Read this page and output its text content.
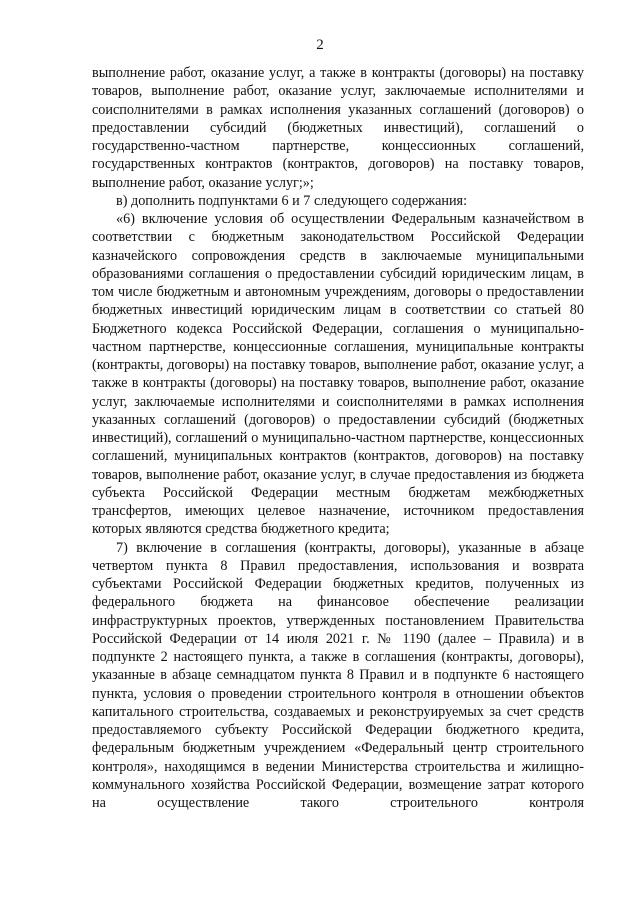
2

выполнение работ, оказание услуг, а также в контракты (договоры) на поставку товаров, выполнение работ, оказание услуг, заключаемые исполнителями и соисполнителями в рамках исполнения указанных соглашений (договоров) о предоставлении субсидий (бюджетных инвестиций), соглашений о государственно-частном партнерстве, концессионных соглашений, государственных контрактов (контрактов, договоров) на поставку товаров, выполнение работ, оказание услуг;»;

в) дополнить подпунктами 6 и 7 следующего содержания:

«6) включение условия об осуществлении Федеральным казначейством в соответствии с бюджетным законодательством Российской Федерации казначейского сопровождения средств в заключаемые муниципальными образованиями соглашения о предоставлении субсидий юридическим лицам, в том числе бюджетным и автономным учреждениям, договоры о предоставлении бюджетных инвестиций юридическим лицам в соответствии со статьей 80 Бюджетного кодекса Российской Федерации, соглашения о муниципально-частном партнерстве, концессионные соглашения, муниципальные контракты (контракты, договоры) на поставку товаров, выполнение работ, оказание услуг, а также в контракты (договоры) на поставку товаров, выполнение работ, оказание услуг, заключаемые исполнителями и соисполнителями в рамках исполнения указанных соглашений (договоров) о предоставлении субсидий (бюджетных инвестиций), соглашений о муниципально-частном партнерстве, концессионных соглашений, муниципальных контрактов (контрактов, договоров) на поставку товаров, выполнение работ, оказание услуг, в случае предоставления из бюджета субъекта Российской Федерации местным бюджетам межбюджетных трансфертов, имеющих целевое назначение, источником предоставления которых являются средства бюджетного кредита;

7) включение в соглашения (контракты, договоры), указанные в абзаце четвертом пункта 8 Правил предоставления, использования и возврата субъектами Российской Федерации бюджетных кредитов, полученных из федерального бюджета на финансовое обеспечение реализации инфраструктурных проектов, утвержденных постановлением Правительства Российской Федерации от 14 июля 2021 г. № 1190 (далее – Правила) и в подпункте 2 настоящего пункта, а также в соглашения (контракты, договоры), указанные в абзаце семнадцатом пункта 8 Правил и в подпункте 6 настоящего пункта, условия о проведении строительного контроля в отношении объектов капитального строительства, создаваемых и реконструируемых за счет средств предоставляемого субъекту Российской Федерации бюджетного кредита, федеральным бюджетным учреждением «Федеральный центр строительного контроля», находящимся в ведении Министерства строительства и жилищно-коммунального хозяйства Российской Федерации, возмещение затрат которого на осуществление такого строительного контроля
